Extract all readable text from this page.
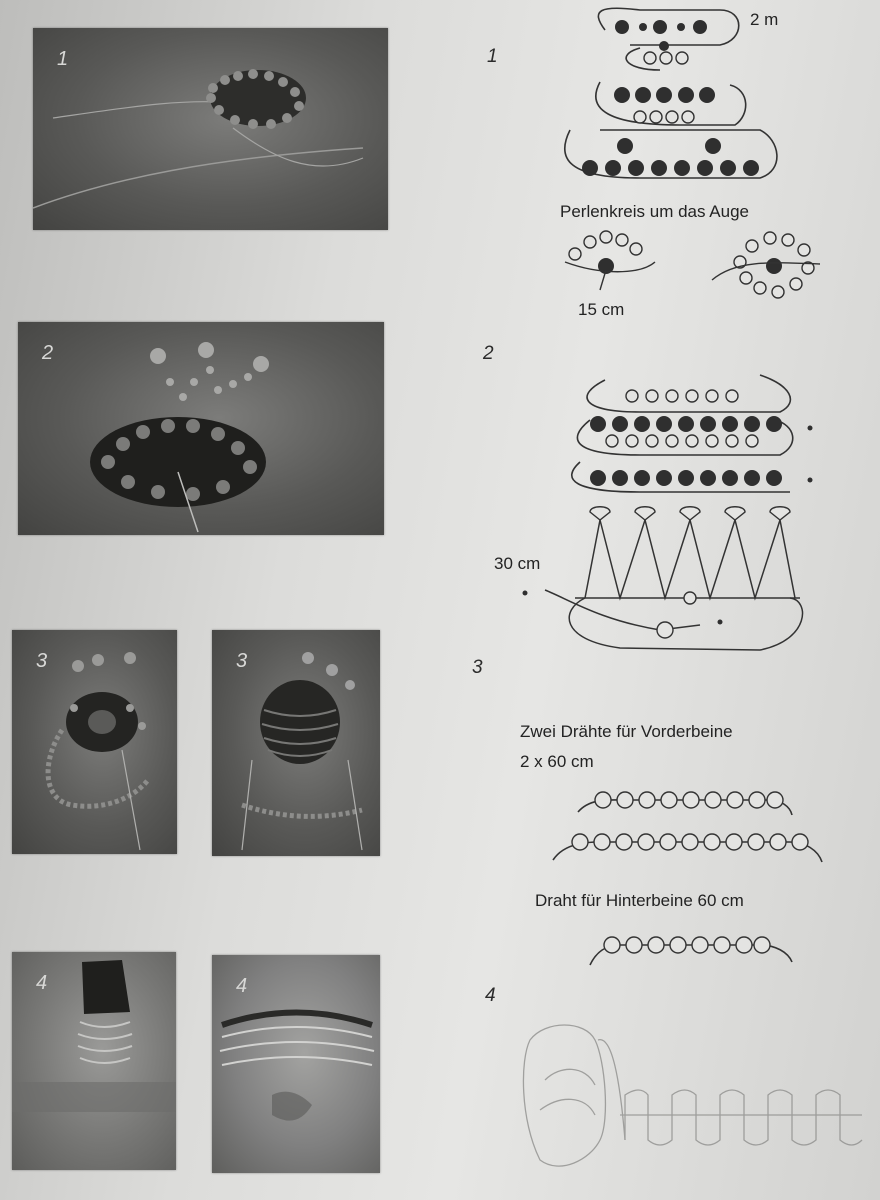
1
2
3	3
4	4
1
2
3
4
2 m
Perlenkreis um das Auge
15 cm
30 cm
Zwei Drähte für Vorderbeine
2 x 60 cm
Draht für Hinterbeine 60 cm
